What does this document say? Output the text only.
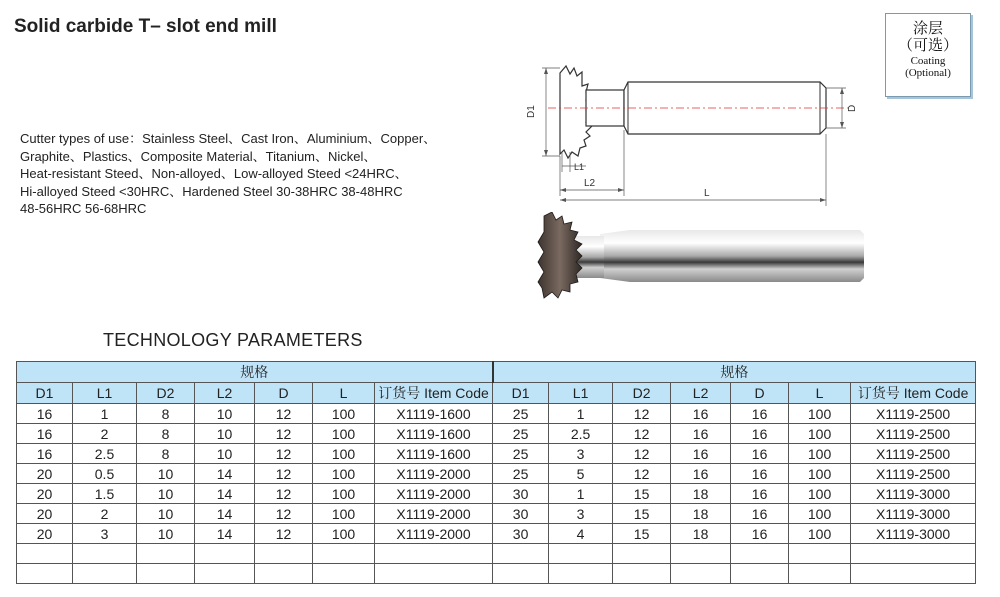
Solid carbide T– slot end mill
Cutter types of use：Stainless Steel、Cast Iron、Aluminium、Copper、
Graphite、Plastics、Composite Material、Titanium、Nickel、
Heat-resistant Steed、Non-alloyed、Low-alloyed Steed <24HRC、
Hi-alloyed Steed <30HRC、Hardened Steel 30-38HRC 38-48HRC
48-56HRC 56-68HRC
涂层
（可选）
Coating
(Optional)
D1	D
L1
L2
L
TECHNOLOGY PARAMETERS
规格							规格						
D1	L1	D2	L2	D	L	订货号 Item Code	D1	L1	D2	L2	D	L	订货号 Item Code
16	1	8	10	12	100	X1119-1600	25	1	12	16	16	100	X1119-2500
16	2	8	10	12	100	X1119-1600	25	2.5	12	16	16	100	X1119-2500
16	2.5	8	10	12	100	X1119-1600	25	3	12	16	16	100	X1119-2500
20	0.5	10	14	12	100	X1119-2000	25	5	12	16	16	100	X1119-2500
20	1.5	10	14	12	100	X1119-2000	30	1	15	18	16	100	X1119-3000
20	2	10	14	12	100	X1119-2000	30	3	15	18	16	100	X1119-3000
20	3	10	14	12	100	X1119-2000	30	4	15	18	16	100	X1119-3000
